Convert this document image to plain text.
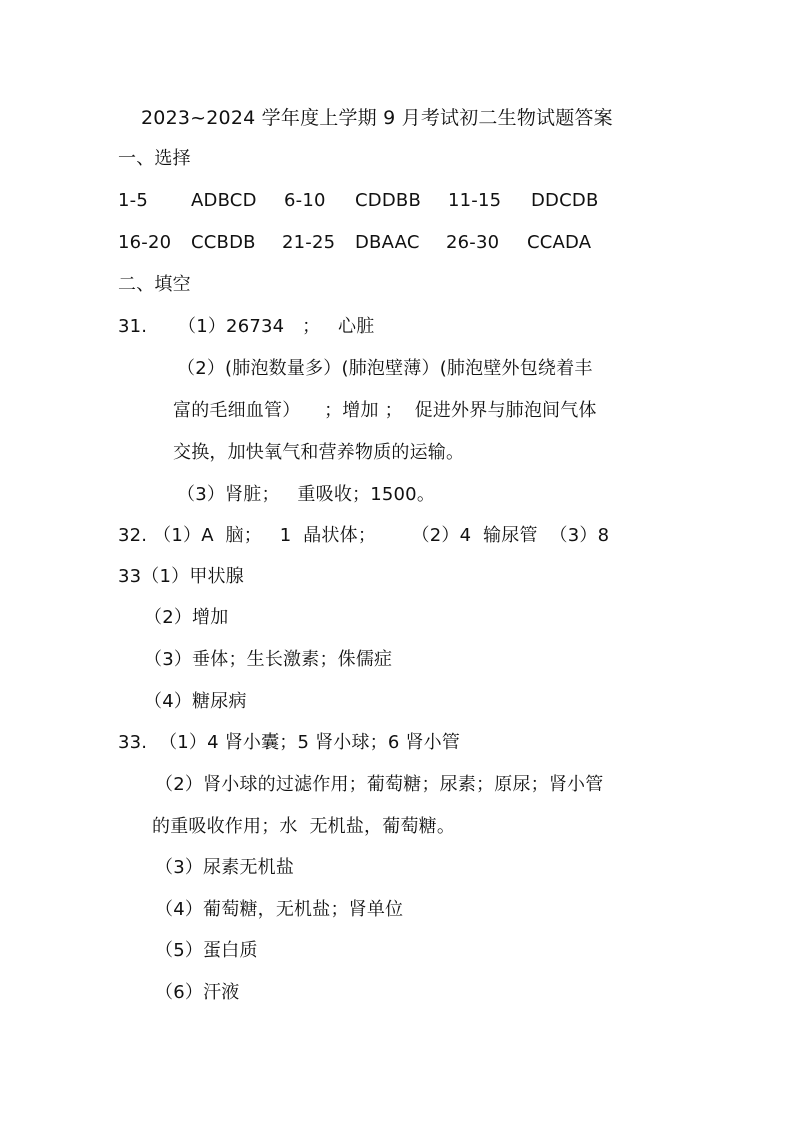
2023~2024 学年度上学期 9 月考试初二生物试题答案
一、选择
1-5 ADBCD 6-10 CDDBB 11-15 DDCDB
16-20 CCBDB 21-25 DBAAC 26-30 CCADA
二、填空
31. （1）26734   ；   心脏
（2）(肺泡数量多）(肺泡壁薄）(肺泡壁外包绕着丰
富的毛细血管）    ；增加 ；  促进外界与肺泡间气体
交换，加快氧气和营养物质的运输。
（3）肾脏；   重吸收；1500。
32. （1）A  脑；   1  晶状体；      （2）4  输尿管  （3）8
33（1）甲状腺
（2）增加
（3）垂体；生长激素；侏儒症
（4）糖尿病
33.  （1）4 肾小囊；5 肾小球；6 肾小管
（2）肾小球的过滤作用；葡萄糖；尿素；原尿；肾小管
的重吸收作用；水  无机盐，葡萄糖。
（3）尿素无机盐
（4）葡萄糖，无机盐；肾单位
（5）蛋白质
（6）汗液
